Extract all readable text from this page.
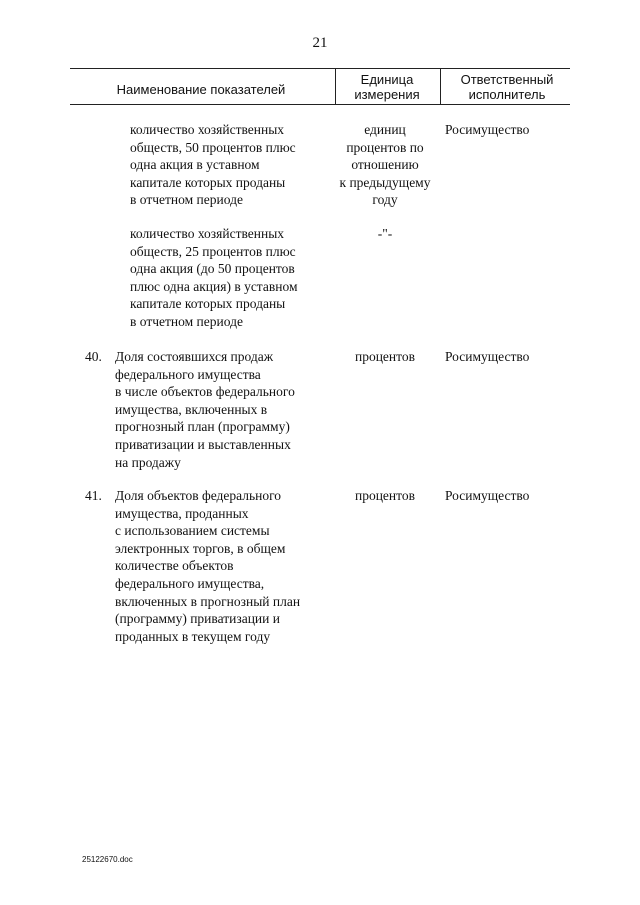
21
Наименование показателей
Единица
измерения
Ответственный
исполнитель
количество хозяйственных
обществ, 50 процентов плюс
одна акция в уставном
капитале которых проданы
в отчетном периоде
единиц
процентов по
отношению
к предыдущему
году
Росимущество
количество хозяйственных
обществ, 25 процентов плюс
одна акция (до 50 процентов
плюс одна акция) в уставном
капитале которых проданы
в отчетном периоде
-"-
40. Доля состоявшихся продаж
федерального имущества
в числе объектов федерального
имущества, включенных в
прогнозный план (программу)
приватизации и выставленных
на продажу
процентов	Росимущество
41. Доля объектов федерального
имущества, проданных
с использованием системы
электронных торгов, в общем
количестве объектов
федерального имущества,
включенных в прогнозный план
(программу) приватизации и
проданных в текущем году
процентов	Росимущество
25122670.doc
